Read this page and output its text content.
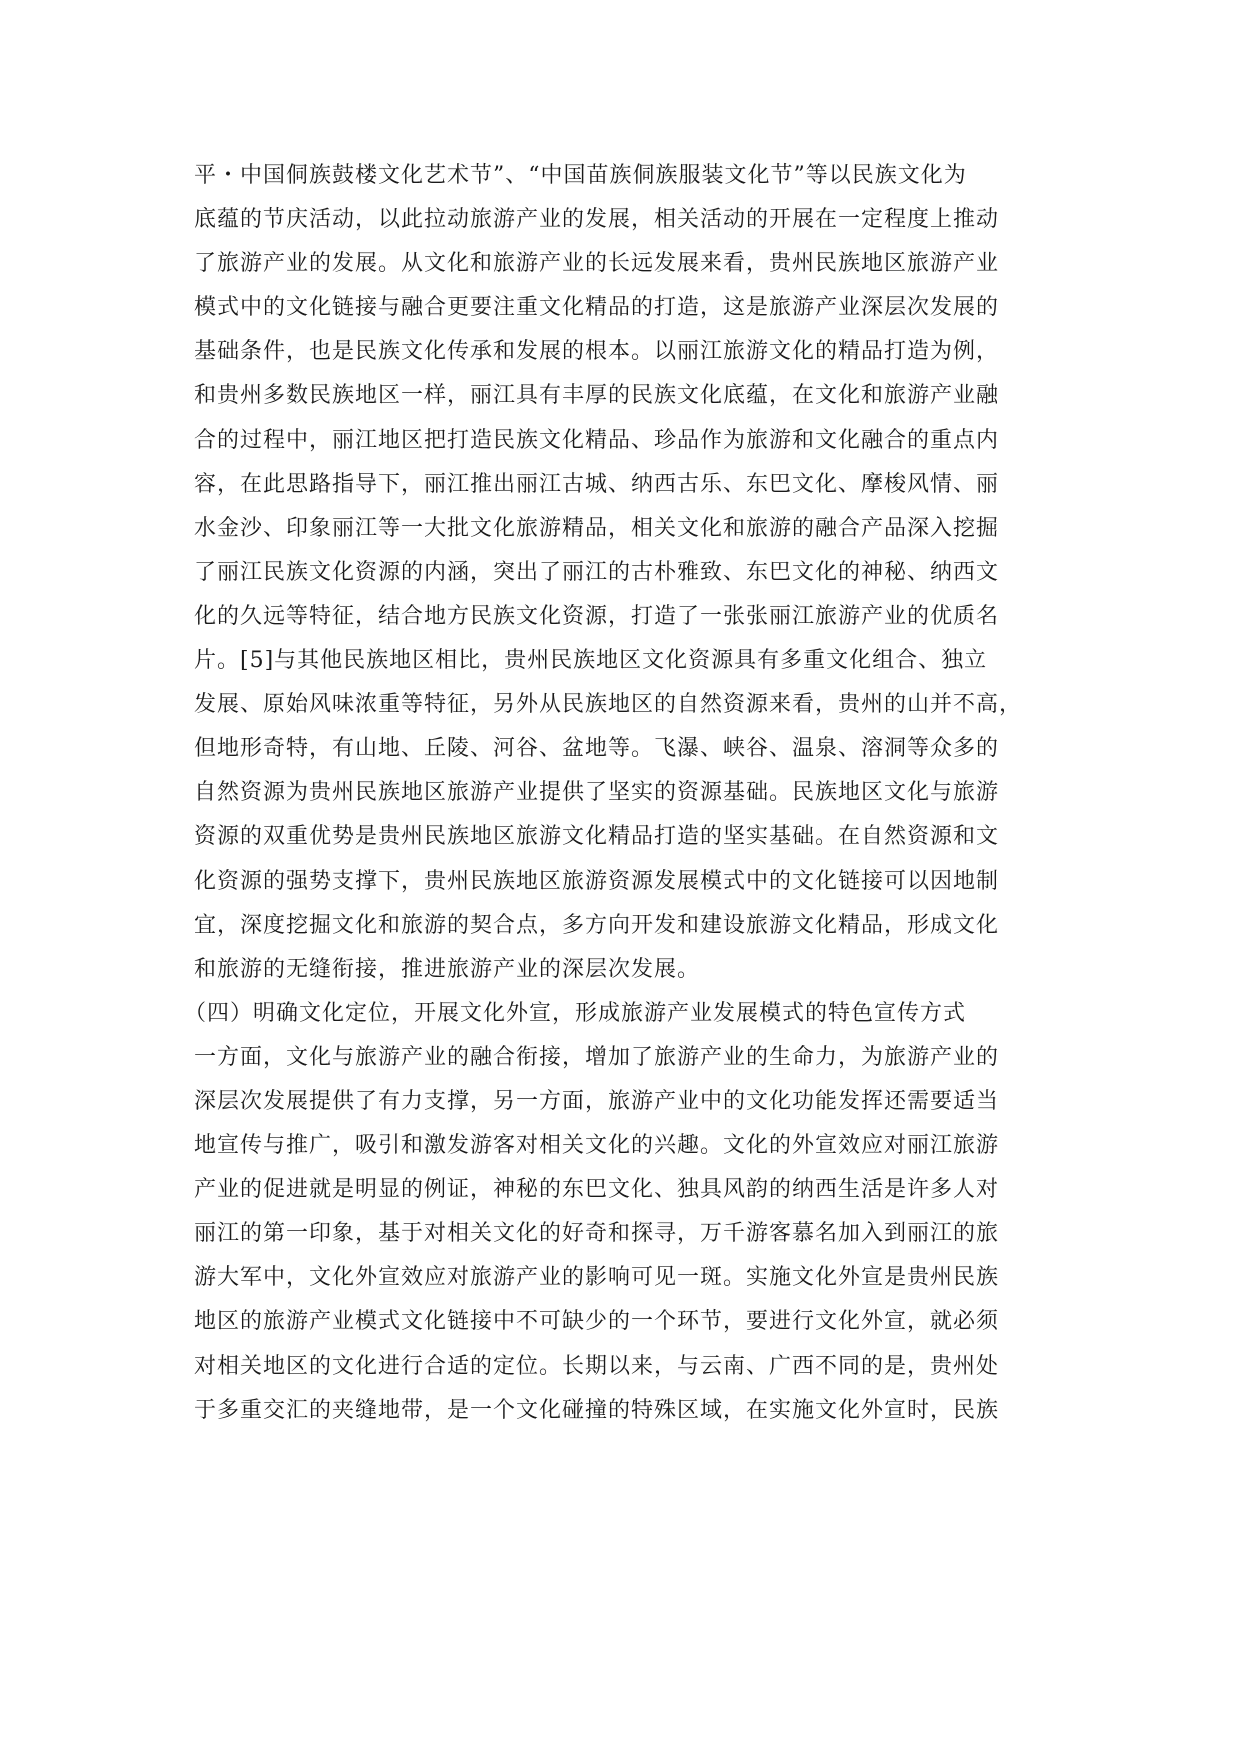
平・中国侗族鼓楼文化艺术节”、“中国苗族侗族服装文化节”等以民族文化为
底蕴的节庆活动，以此拉动旅游产业的发展，相关活动的开展在一定程度上推动
了旅游产业的发展。从文化和旅游产业的长远发展来看，贵州民族地区旅游产业
模式中的文化链接与融合更要注重文化精品的打造，这是旅游产业深层次发展的
基础条件，也是民族文化传承和发展的根本。以丽江旅游文化的精品打造为例，
和贵州多数民族地区一样，丽江具有丰厚的民族文化底蕴，在文化和旅游产业融
合的过程中，丽江地区把打造民族文化精品、珍品作为旅游和文化融合的重点内
容，在此思路指导下，丽江推出丽江古城、纳西古乐、东巴文化、摩梭风情、丽
水金沙、印象丽江等一大批文化旅游精品，相关文化和旅游的融合产品深入挖掘
了丽江民族文化资源的内涵，突出了丽江的古朴雅致、东巴文化的神秘、纳西文
化的久远等特征，结合地方民族文化资源，打造了一张张丽江旅游产业的优质名
片。[5]与其他民族地区相比，贵州民族地区文化资源具有多重文化组合、独立
发展、原始风味浓重等特征，另外从民族地区的自然资源来看，贵州的山并不高，
但地形奇特，有山地、丘陵、河谷、盆地等。飞瀑、峡谷、温泉、溶洞等众多的
自然资源为贵州民族地区旅游产业提供了坚实的资源基础。民族地区文化与旅游
资源的双重优势是贵州民族地区旅游文化精品打造的坚实基础。在自然资源和文
化资源的强势支撑下，贵州民族地区旅游资源发展模式中的文化链接可以因地制
宜，深度挖掘文化和旅游的契合点，多方向开发和建设旅游文化精品，形成文化
和旅游的无缝衔接，推进旅游产业的深层次发展。
（四）明确文化定位，开展文化外宣，形成旅游产业发展模式的特色宣传方式
一方面，文化与旅游产业的融合衔接，增加了旅游产业的生命力，为旅游产业的
深层次发展提供了有力支撑，另一方面，旅游产业中的文化功能发挥还需要适当
地宣传与推广，吸引和激发游客对相关文化的兴趣。文化的外宣效应对丽江旅游
产业的促进就是明显的例证，神秘的东巴文化、独具风韵的纳西生活是许多人对
丽江的第一印象，基于对相关文化的好奇和探寻，万千游客慕名加入到丽江的旅
游大军中，文化外宣效应对旅游产业的影响可见一斑。实施文化外宣是贵州民族
地区的旅游产业模式文化链接中不可缺少的一个环节，要进行文化外宣，就必须
对相关地区的文化进行合适的定位。长期以来，与云南、广西不同的是，贵州处
于多重交汇的夹缝地带，是一个文化碰撞的特殊区域，在实施文化外宣时，民族
